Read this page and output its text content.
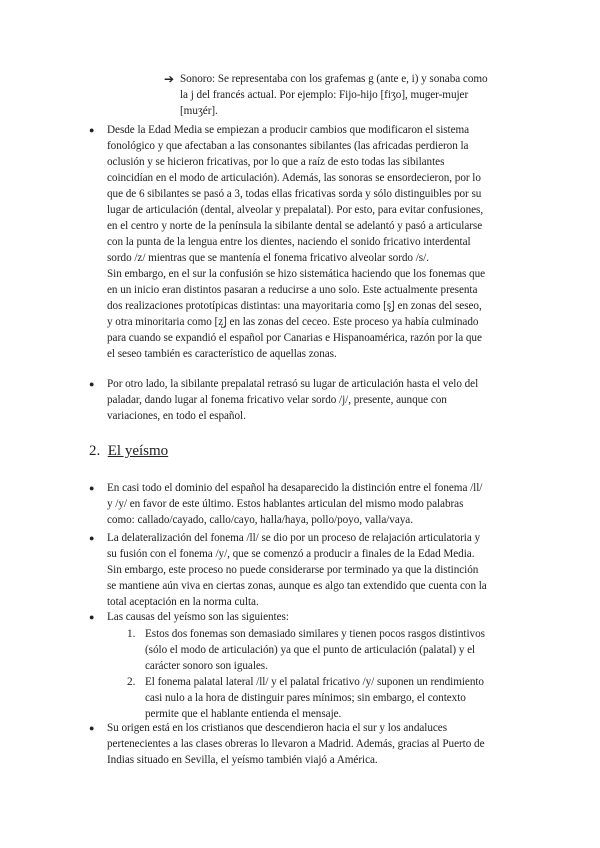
➔ Sonoro: Se representaba con los grafemas g (ante e, i) y sonaba como
la j del francés actual. Por ejemplo: Fijo-hijo [fiʒo], muger-mujer
[muʒér].
● Desde la Edad Media se empiezan a producir cambios que modificaron el sistema
fonológico y que afectaban a las consonantes sibilantes (las africadas perdieron la
oclusión y se hicieron fricativas, por lo que a raíz de esto todas las sibilantes
coincidían en el modo de articulación). Además, las sonoras se ensordecieron, por lo
que de 6 sibilantes se pasó a 3, todas ellas fricativas sorda y sólo distinguibles por su
lugar de articulación (dental, alveolar y prepalatal). Por esto, para evitar confusiones,
en el centro y norte de la península la sibilante dental se adelantó y pasó a articularse
con la punta de la lengua entre los dientes, naciendo el sonido fricativo interdental
sordo /z/ mientras que se mantenía el fonema fricativo alveolar sordo /s/.
Sin embargo, en el sur la confusión se hizo sistemática haciendo que los fonemas que
en un inicio eran distintos pasaran a reducirse a uno solo. Este actualmente presenta
dos realizaciones prototípicas distintas: una mayoritaria como [s̺] en zonas del seseo,
y otra minoritaria como [z̺] en las zonas del ceceo. Este proceso ya había culminado
para cuando se expandió el español por Canarias e Hispanoamérica, razón por la que
el seseo también es característico de aquellas zonas.
● Por otro lado, la sibilante prepalatal retrasó su lugar de articulación hasta el velo del
paladar, dando lugar al fonema fricativo velar sordo /j/, presente, aunque con
variaciones, en todo el español.
2. El yeísmo
● En casi todo el dominio del español ha desaparecido la distinción entre el fonema /ll/
y /y/ en favor de este último. Estos hablantes articulan del mismo modo palabras
como: callado/cayado, callo/cayo, halla/haya, pollo/poyo, valla/vaya.
● La delateralización del fonema /ll/ se dio por un proceso de relajación articulatoria y
su fusión con el fonema /y/, que se comenzó a producir a finales de la Edad Media.
Sin embargo, este proceso no puede considerarse por terminado ya que la distinción
se mantiene aún viva en ciertas zonas, aunque es algo tan extendido que cuenta con la
total aceptación en la norma culta.
● Las causas del yeísmo son las siguientes:
1. Estos dos fonemas son demasiado similares y tienen pocos rasgos distintivos
(sólo el modo de articulación) ya que el punto de articulación (palatal) y el
carácter sonoro son iguales.
2. El fonema palatal lateral /ll/ y el palatal fricativo /y/ suponen un rendimiento
casi nulo a la hora de distinguir pares mínimos; sin embargo, el contexto
permite que el hablante entienda el mensaje.
● Su origen está en los cristianos que descendieron hacia el sur y los andaluces
pertenecientes a las clases obreras lo llevaron a Madrid. Además, gracias al Puerto de
Indias situado en Sevilla, el yeísmo también viajó a América.
